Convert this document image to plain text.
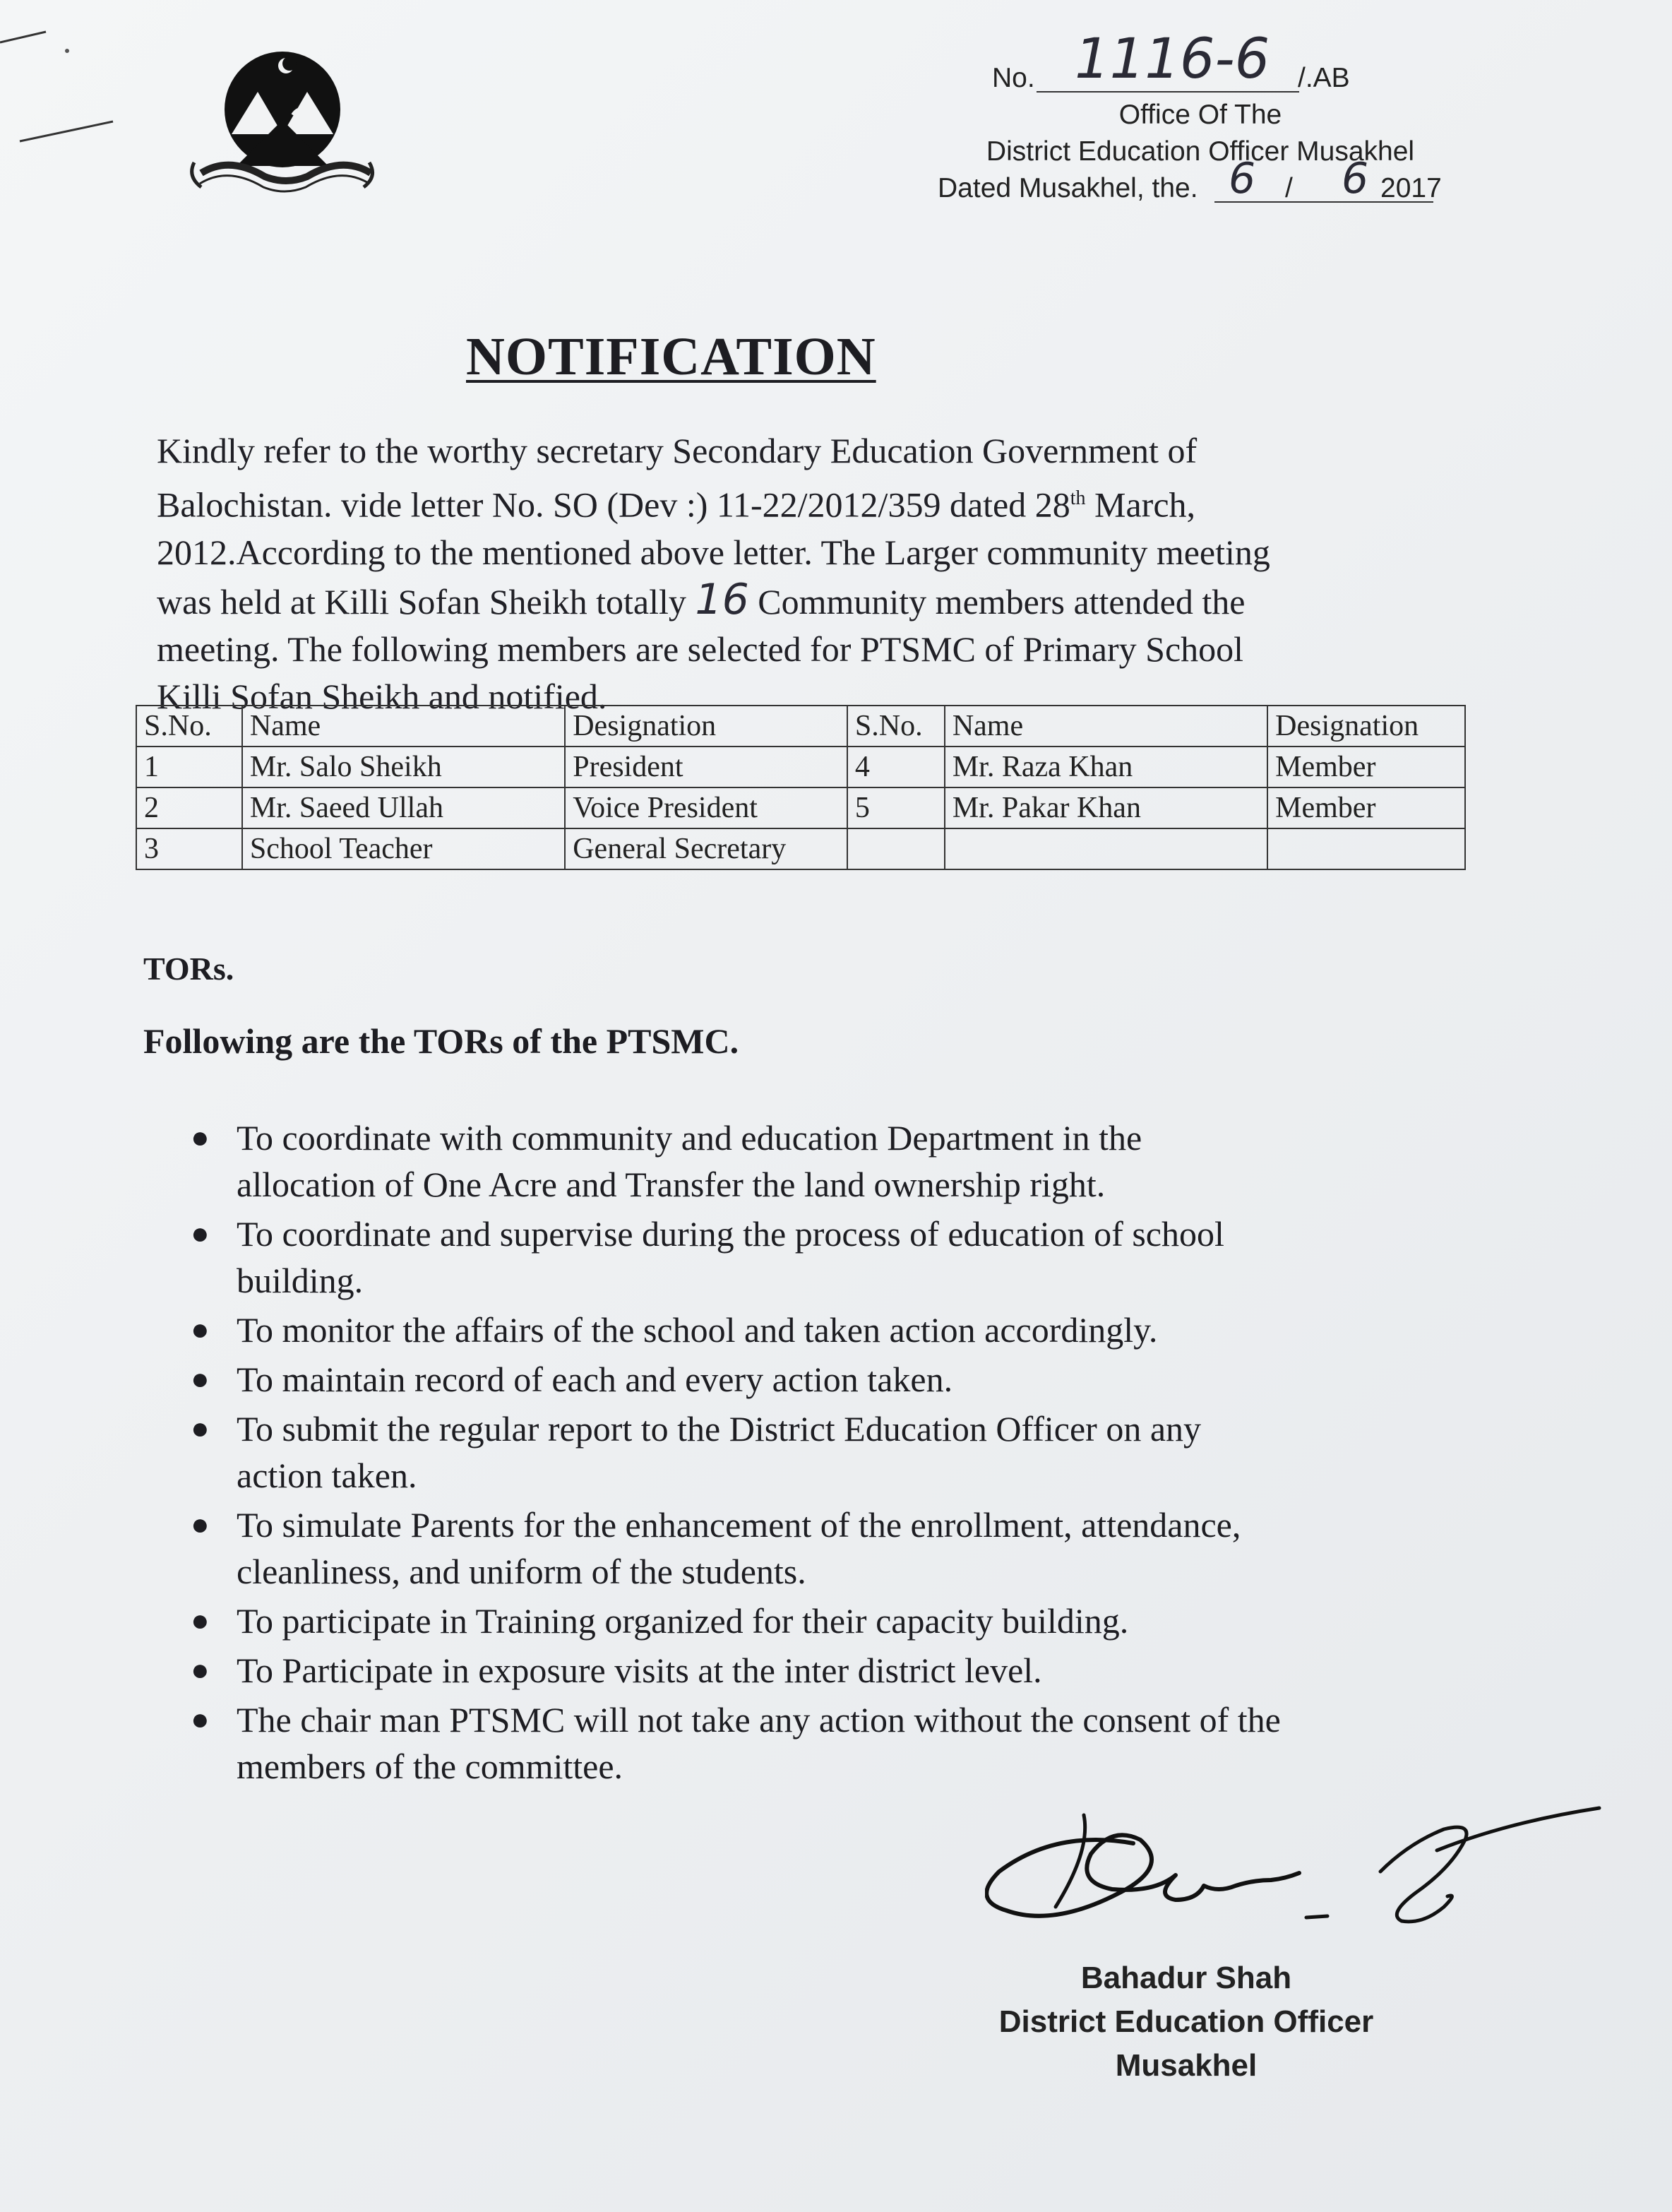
No. 1116-6 /.AB
Office Of The
District Education Officer Musakhel
Dated Musakhel, the. 6 / 6 2017
NOTIFICATION

Kindly refer to the worthy secretary Secondary Education Government of

Balochistan. vide letter No. SO (Dev :) 11-22/2012/359 dated 28th March,

2012.According to the mentioned above letter. The Larger community meeting

was held at Killi Sofan Sheikh totally 16 Community members attended the

meeting. The following members are selected for PTSMC of Primary School

Killi Sofan Sheikh and notified.

S.No.	Name	Designation	S.No.	Name	Designation
1	Mr. Salo Sheikh	President	4	Mr. Raza Khan	Member
2	Mr. Saeed Ullah	Voice President	5	Mr. Pakar Khan	Member
3	School Teacher	General Secretary			
TORs.
Following are the TORs of the PTSMC.
● To coordinate with community and education Department in the
allocation of One Acre and Transfer the land ownership right.
● To coordinate and supervise during the process of education of school
building.
● To monitor the affairs of the school and taken action accordingly.
● To maintain record of each and every action taken.
● To submit the regular report to the District Education Officer on any
action taken.
● To simulate Parents for the enhancement of the enrollment, attendance,
cleanliness, and uniform of the students.
● To participate in Training organized for their capacity building.
● To Participate in exposure visits at the inter district level.
● The chair man PTSMC will not take any action without the consent of the
members of the committee.
Bahadur Shah
District Education Officer
Musakhel
